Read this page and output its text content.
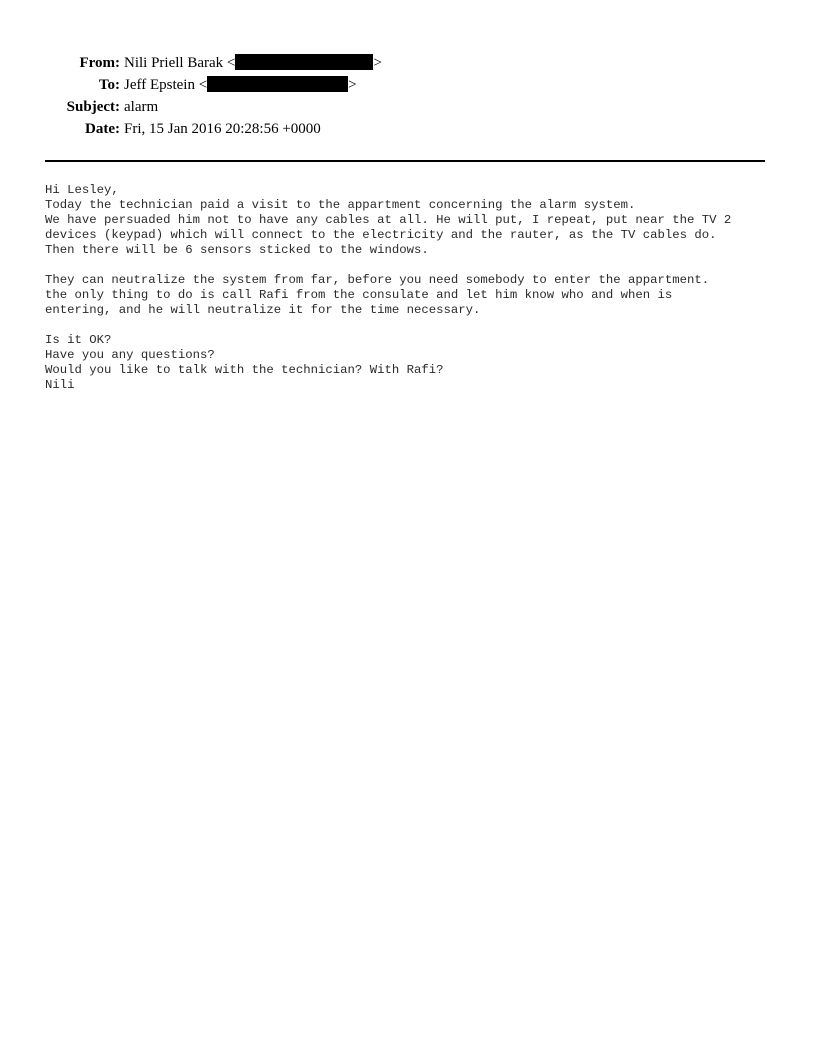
From: Nili Priell Barak <	>
To: Jeff Epstein <	>
Subject: alarm
Date: Fri, 15 Jan 2016 20:28:56 +0000
Hi Lesley,
Today the technician paid a visit to the appartment concerning the alarm system.
We have persuaded him not to have any cables at all. He will put, I repeat, put near the TV 2
devices (keypad) which will connect to the electricity and the rauter, as the TV cables do.
Then there will be 6 sensors sticked to the windows.
They can neutralize the system from far, before you need somebody to enter the appartment.
the only thing to do is call Rafi from the consulate and let him know who and when is
entering, and he will neutralize it for the time necessary.
Is it OK?
Have you any questions?
Would you like to talk with the technician? With Rafi?
Nili
